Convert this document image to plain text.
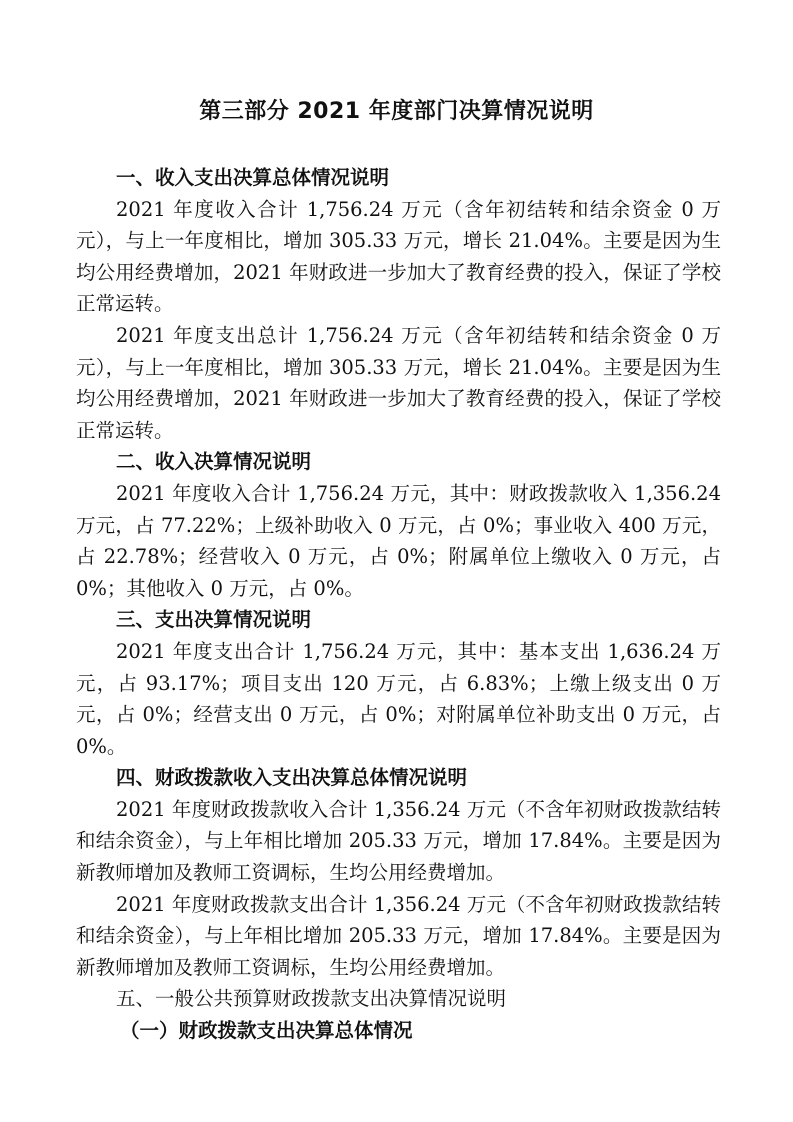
第三部分 2021 年度部门决算情况说明

一、收入支出决算总体情况说明

2021 年度收入合计 1,756.24 万元（含年初结转和结余资金 0 万元），与上一年度相比，增加 305.33 万元，增长 21.04%。主要是因为生均公用经费增加，2021 年财政进一步加大了教育经费的投入，保证了学校正常运转。

2021 年度支出总计 1,756.24 万元（含年初结转和结余资金 0 万元），与上一年度相比，增加 305.33 万元，增长 21.04%。主要是因为生均公用经费增加，2021 年财政进一步加大了教育经费的投入，保证了学校正常运转。

二、收入决算情况说明

2021 年度收入合计 1,756.24 万元，其中：财政拨款收入 1,356.24 万元，占 77.22%；上级补助收入 0 万元，占 0%；事业收入 400 万元，占 22.78%；经营收入 0 万元，占 0%；附属单位上缴收入 0 万元，占 0%；其他收入 0 万元，占 0%。

三、支出决算情况说明

2021 年度支出合计 1,756.24 万元，其中：基本支出 1,636.24 万元，占 93.17%；项目支出 120 万元，占 6.83%；上缴上级支出 0 万元，占 0%；经营支出 0 万元，占 0%；对附属单位补助支出 0 万元，占 0%。

四、财政拨款收入支出决算总体情况说明

2021 年度财政拨款收入合计 1,356.24 万元（不含年初财政拨款结转和结余资金），与上年相比增加 205.33 万元，增加 17.84%。主要是因为新教师增加及教师工资调标，生均公用经费增加。

2021 年度财政拨款支出合计 1,356.24 万元（不含年初财政拨款结转和结余资金），与上年相比增加 205.33 万元，增加 17.84%。主要是因为新教师增加及教师工资调标，生均公用经费增加。

五、一般公共预算财政拨款支出决算情况说明

（一）财政拨款支出决算总体情况
